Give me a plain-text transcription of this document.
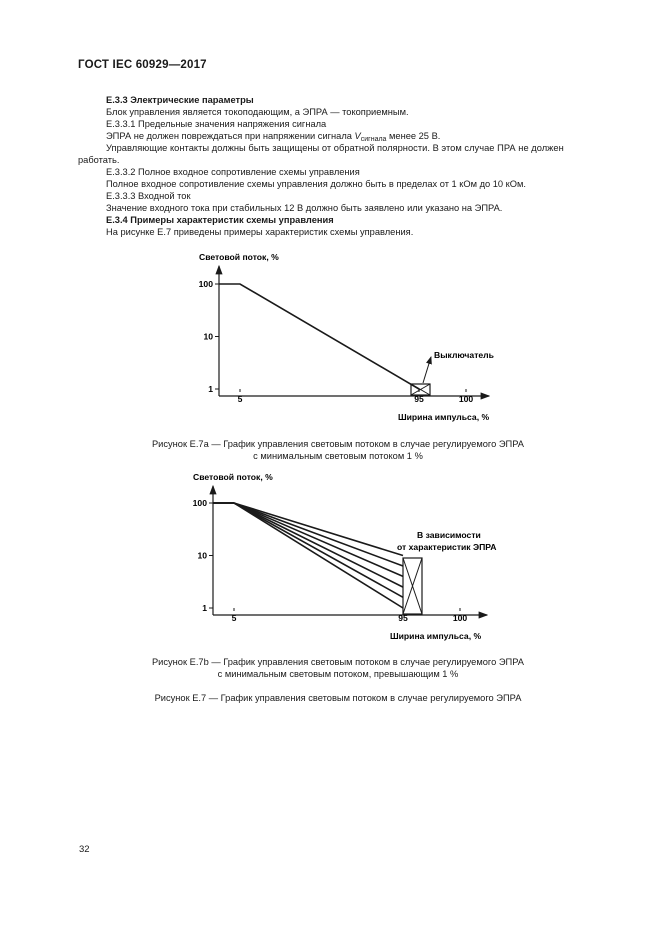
ГОСТ IEC 60929—2017
Е.3.3 Электрические параметры
Блок управления является токоподающим, а ЭПРА — токоприемным.
Е.3.3.1 Предельные значения напряжения сигнала
ЭПРА не должен повреждаться при напряжении сигнала $V_{сигнала}$ менее 25 В.
Управляющие контакты должны быть защищены от обратной полярности. В этом случае ПРА не должен
работать.
Е.3.3.2 Полное входное сопротивление схемы управления
Полное входное сопротивление схемы управления должно быть в пределах от 1 кОм до 10 кОм.
Е.3.3.3 Входной ток
Значение входного тока при стабильных 12 В должно быть заявлено или указано на ЭПРА.
Е.3.4 Примеры характеристик схемы управления
На рисунке Е.7 приведены примеры характеристик схемы управления.
Световой поток, %
100
10
1
5	95	100
Выключатель
Ширина импульса, %
Рисунок Е.7а — График управления световым потоком в случае регулируемого ЭПРА
с минимальным световым потоком 1 %
Световой поток, %
100
10
1
5	95	100
В зависимости
от характеристик ЭПРА
Ширина импульса, %
Рисунок Е.7b — График управления световым потоком в случае регулируемого ЭПРА
с минимальным световым потоком, превышающим 1 %
Рисунок Е.7 — График управления световым потоком в случае регулируемого ЭПРА
32
